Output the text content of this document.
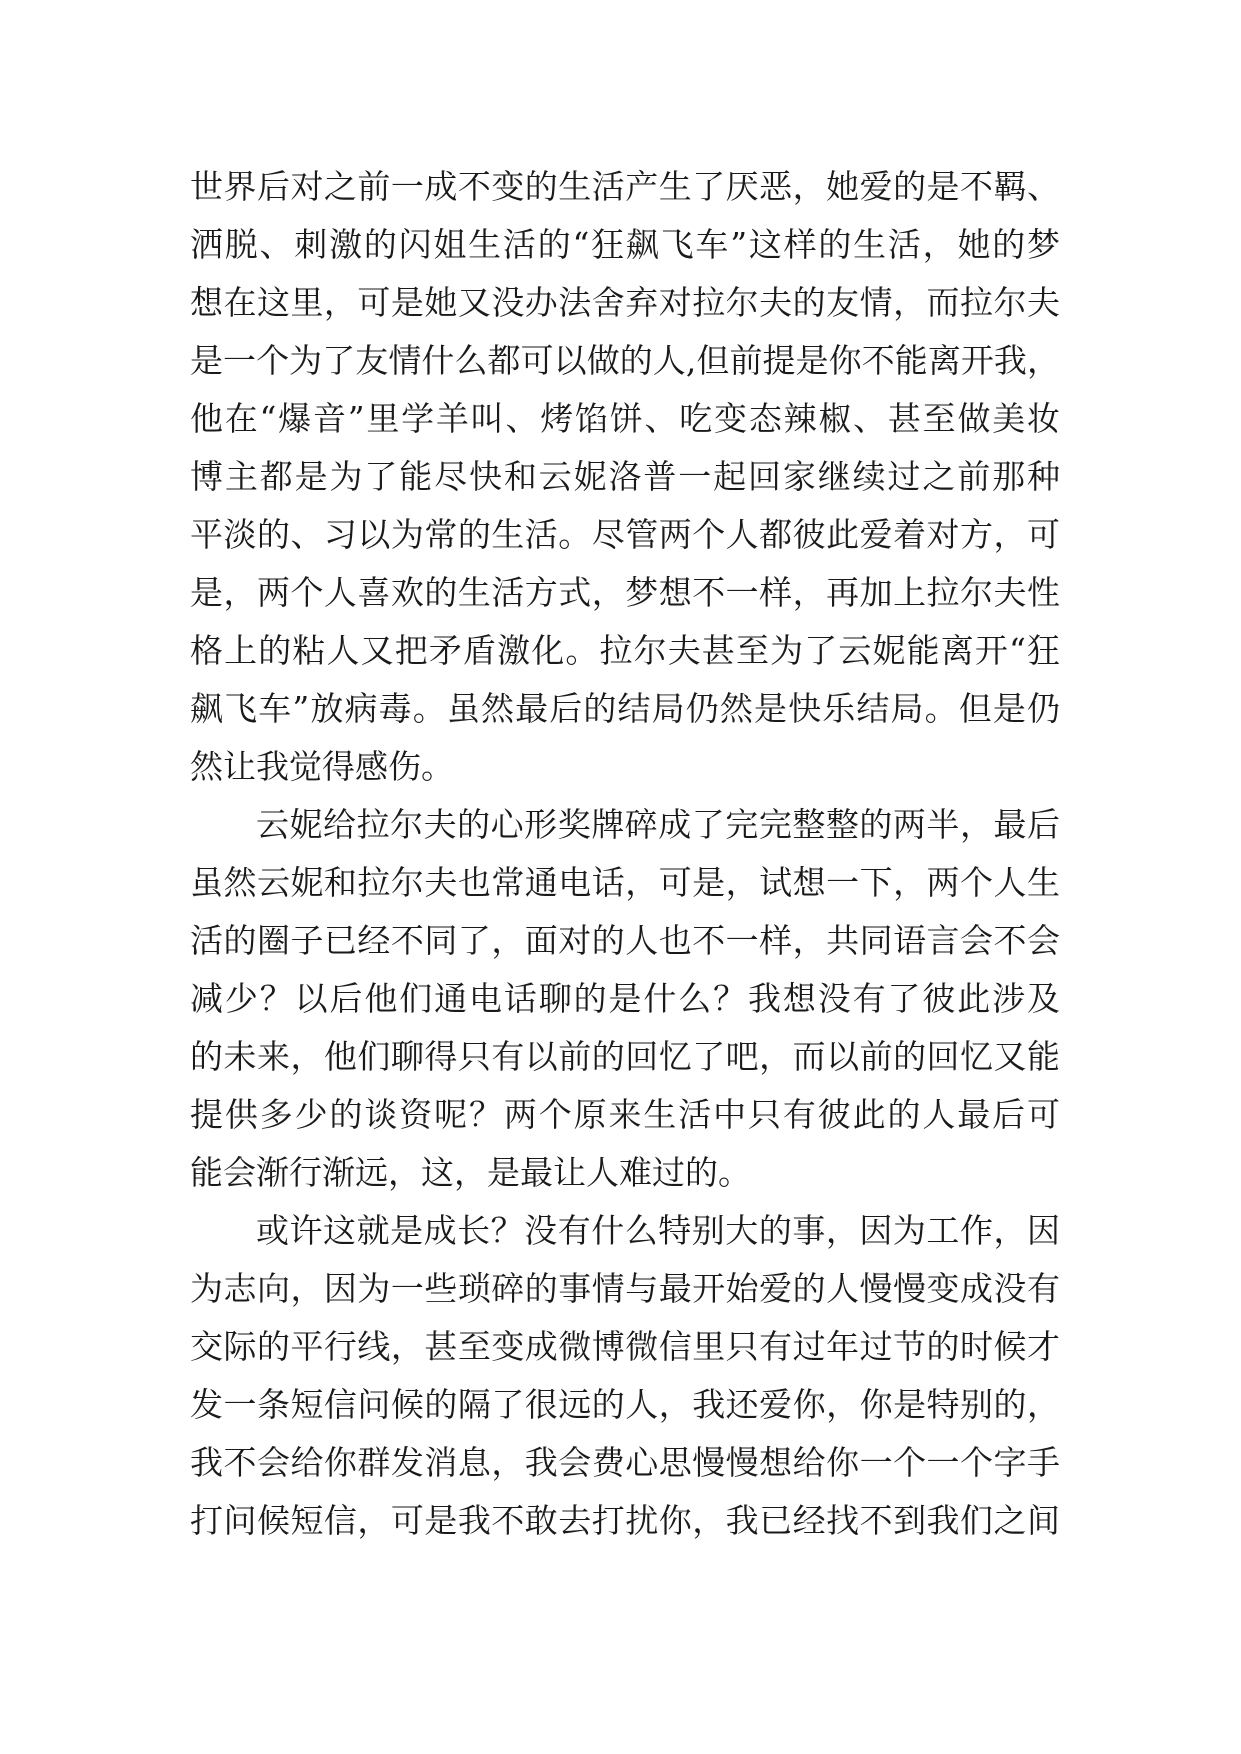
世界后对之前一成不变的生活产生了厌恶，她爱的是不羁、
洒脱、刺激的闪姐生活的“狂飙飞车”这样的生活，她的梦
想在这里，可是她又没办法舍弃对拉尔夫的友情，而拉尔夫
是一个为了友情什么都可以做的人,但前提是你不能离开我，
他在“爆音”里学羊叫、烤馅饼、吃变态辣椒、甚至做美妆
博主都是为了能尽快和云妮洛普一起回家继续过之前那种
平淡的、习以为常的生活。尽管两个人都彼此爱着对方，可
是，两个人喜欢的生活方式，梦想不一样，再加上拉尔夫性
格上的粘人又把矛盾激化。拉尔夫甚至为了云妮能离开“狂
飙飞车”放病毒。虽然最后的结局仍然是快乐结局。但是仍
然让我觉得感伤。
云妮给拉尔夫的心形奖牌碎成了完完整整的两半，最后
虽然云妮和拉尔夫也常通电话，可是，试想一下，两个人生
活的圈子已经不同了，面对的人也不一样，共同语言会不会
减少？以后他们通电话聊的是什么？我想没有了彼此涉及
的未来，他们聊得只有以前的回忆了吧，而以前的回忆又能
提供多少的谈资呢？两个原来生活中只有彼此的人最后可
能会渐行渐远，这，是最让人难过的。
或许这就是成长？没有什么特别大的事，因为工作，因
为志向，因为一些琐碎的事情与最开始爱的人慢慢变成没有
交际的平行线，甚至变成微博微信里只有过年过节的时候才
发一条短信问候的隔了很远的人，我还爱你，你是特别的，
我不会给你群发消息，我会费心思慢慢想给你一个一个字手
打问候短信，可是我不敢去打扰你，我已经找不到我们之间
